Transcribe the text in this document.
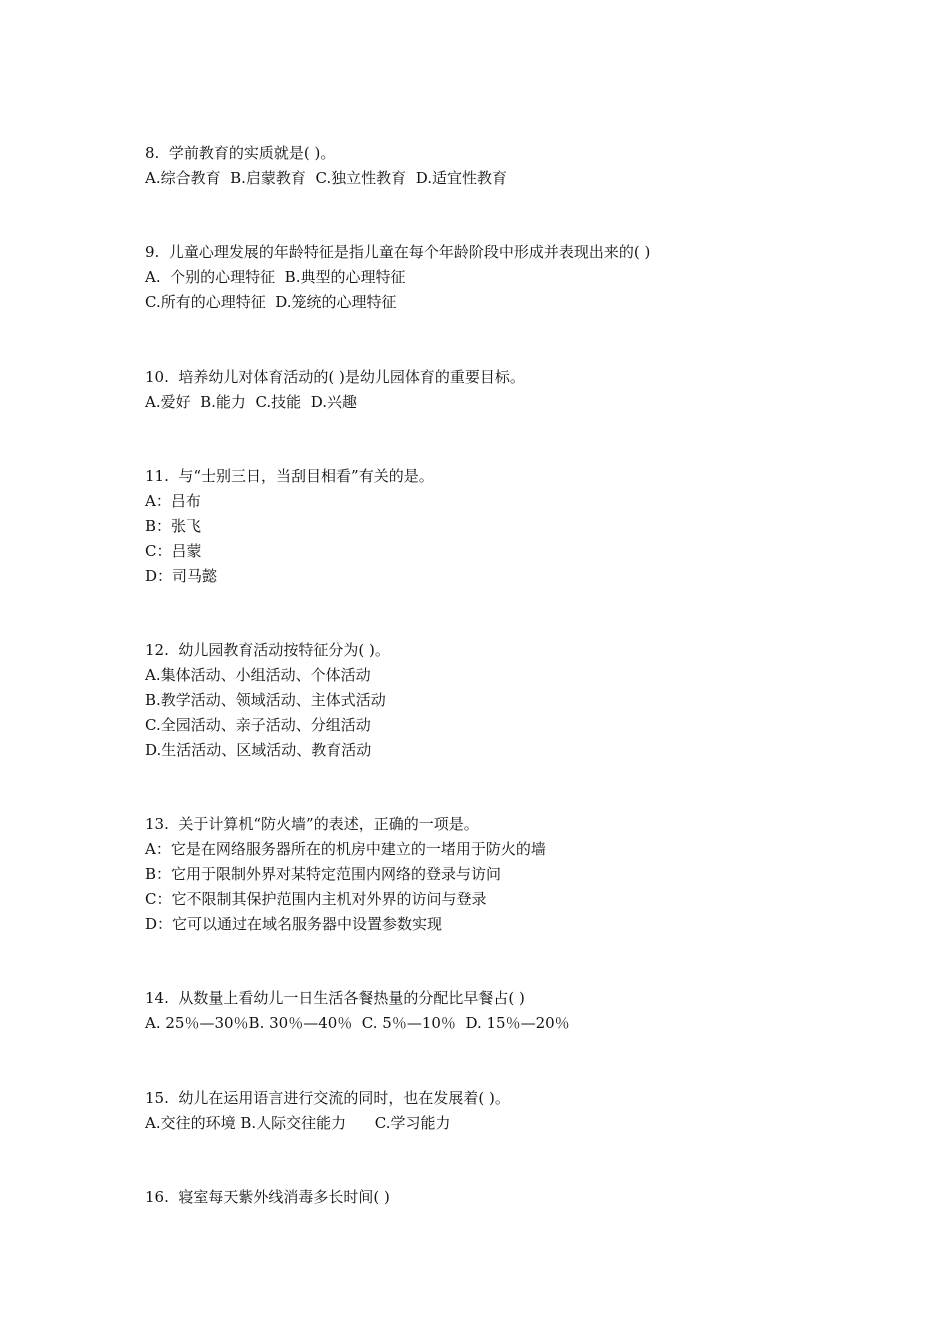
8.  学前教育的实质就是( )。
A.综合教育  B.启蒙教育  C.独立性教育  D.适宜性教育
9.  儿童心理发展的年龄特征是指儿童在每个年龄阶段中形成并表现出来的( )
A.  个别的心理特征  B.典型的心理特征
C.所有的心理特征  D.笼统的心理特征
10.  培养幼儿对体育活动的( )是幼儿园体育的重要目标。
A.爱好  B.能力  C.技能  D.兴趣
11.  与“士别三日，当刮目相看”有关的是。
A：吕布
B：张飞
C：吕蒙
D：司马懿
12.  幼儿园教育活动按特征分为( )。
A.集体活动、小组活动、个体活动
B.教学活动、领域活动、主体式活动
C.全园活动、亲子活动、分组活动
D.生活活动、区域活动、教育活动
13.  关于计算机“防火墙”的表述，正确的一项是。
A：它是在网络服务器所在的机房中建立的一堵用于防火的墙
B：它用于限制外界对某特定范围内网络的登录与访问
C：它不限制其保护范围内主机对外界的访问与登录
D：它可以通过在域名服务器中设置参数实现
14.  从数量上看幼儿一日生活各餐热量的分配比早餐占( )
A. 25％—30％B. 30％—40％  C. 5％—10％  D. 15％—20％
15.  幼儿在运用语言进行交流的同时，也在发展着( )。
A.交往的环境 B.人际交往能力      C.学习能力
16.  寝室每天紫外线消毒多长时间( )
